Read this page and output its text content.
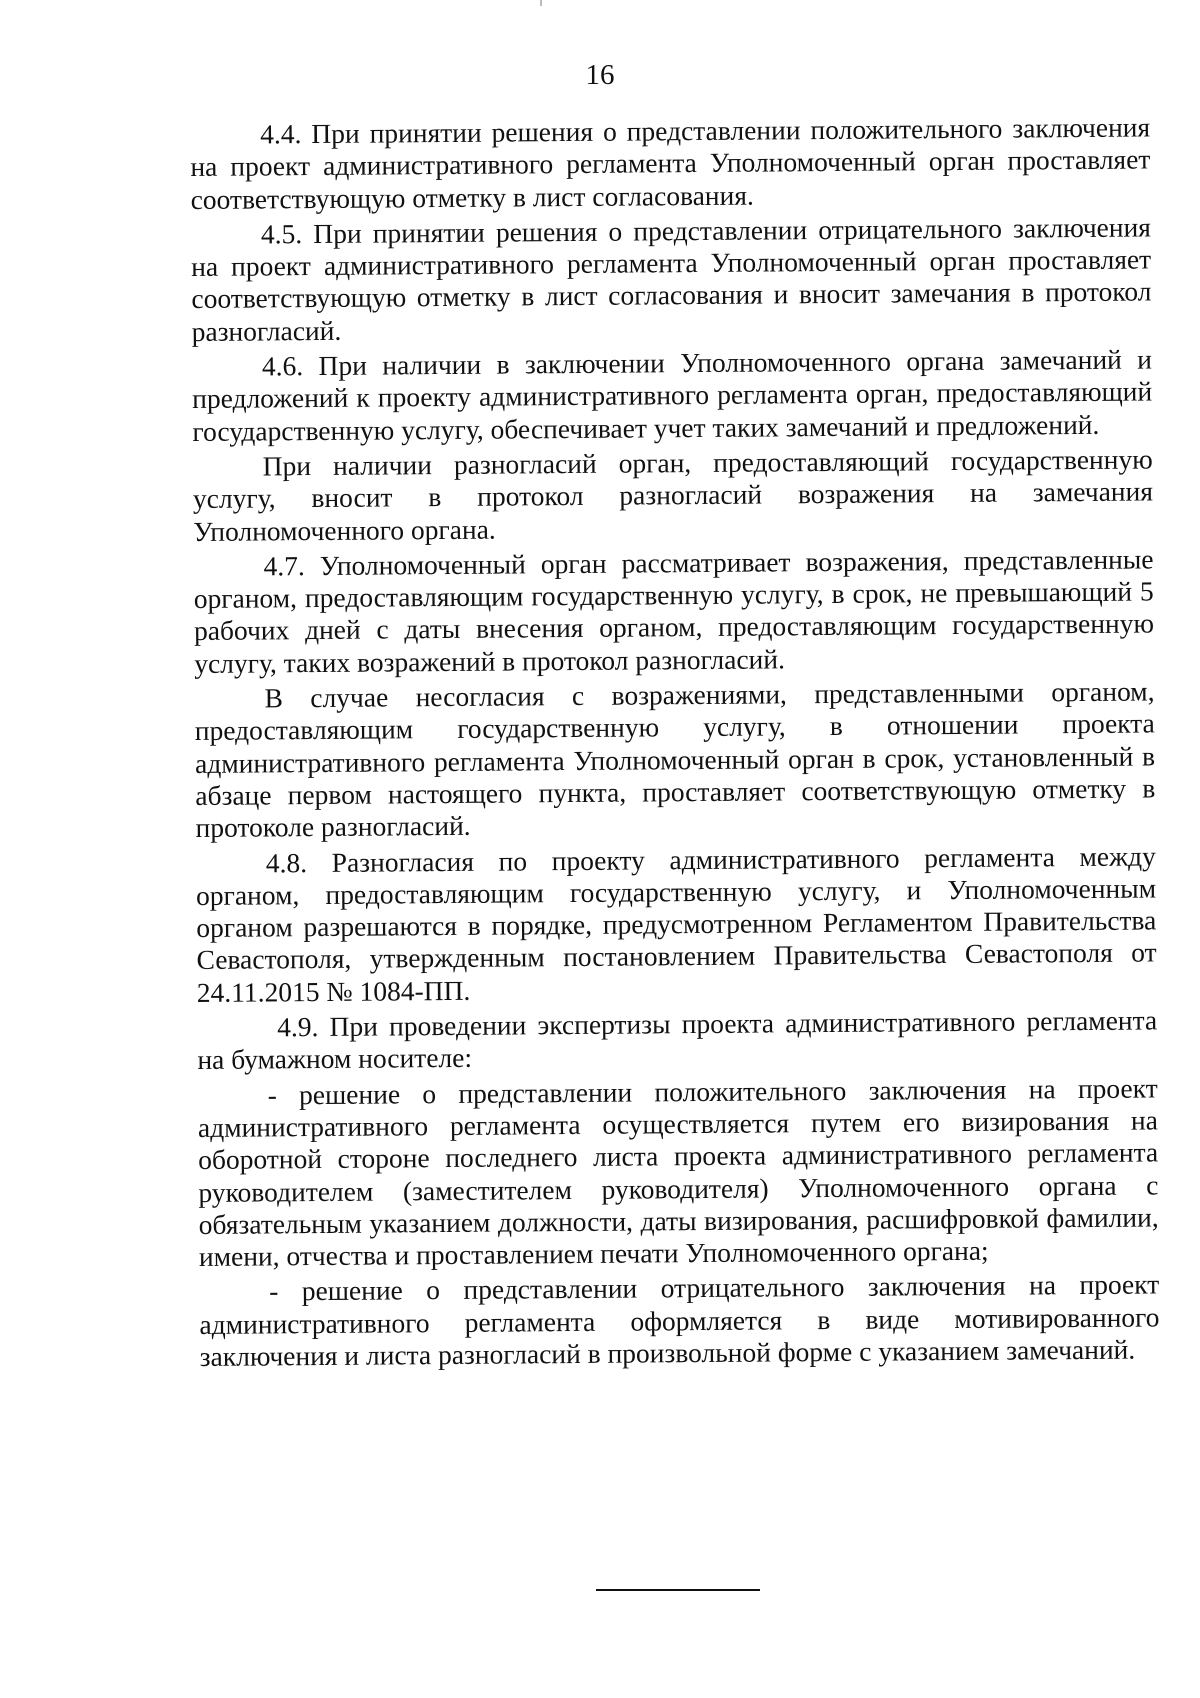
16

4.4. При принятии решения о представлении положительного заключения на проект административного регламента Уполномоченный орган проставляет соответствующую отметку в лист согласования.

4.5. При принятии решения о представлении отрицательного заключения на проект административного регламента Уполномоченный орган проставляет соответствующую отметку в лист согласования и вносит замечания в протокол разногласий.

4.6. При наличии в заключении Уполномоченного органа замечаний и предложений к проекту административного регламента орган, предоставляющий государственную услугу, обеспечивает учет таких замечаний и предложений.

При наличии разногласий орган, предоставляющий государственную услугу, вносит в протокол разногласий возражения на замечания Уполномоченного органа.

4.7. Уполномоченный орган рассматривает возражения, представленные органом, предоставляющим государственную услугу, в срок, не превышающий 5 рабочих дней с даты внесения органом, предоставляющим государственную услугу, таких возражений в протокол разногласий.

В случае несогласия с возражениями, представленными органом, предоставляющим государственную услугу, в отношении проекта административного регламента Уполномоченный орган в срок, установленный в абзаце первом настоящего пункта, проставляет соответствующую отметку в протоколе разногласий.

4.8. Разногласия по проекту административного регламента между органом, предоставляющим государственную услугу, и Уполномоченным органом разрешаются в порядке, предусмотренном Регламентом Правительства Севастополя, утвержденным постановлением Правительства Севастополя от 24.11.2015 № 1084-ПП.

4.9. При проведении экспертизы проекта административного регламента на бумажном носителе:

- решение о представлении положительного заключения на проект административного регламента осуществляется путем его визирования на оборотной стороне последнего листа проекта административного регламента руководителем (заместителем руководителя) Уполномоченного органа с обязательным указанием должности, даты визирования, расшифровкой фамилии, имени, отчества и проставлением печати Уполномоченного органа;

- решение о представлении отрицательного заключения на проект административного регламента оформляется в виде мотивированного заключения и листа разногласий в произвольной форме с указанием замечаний.
